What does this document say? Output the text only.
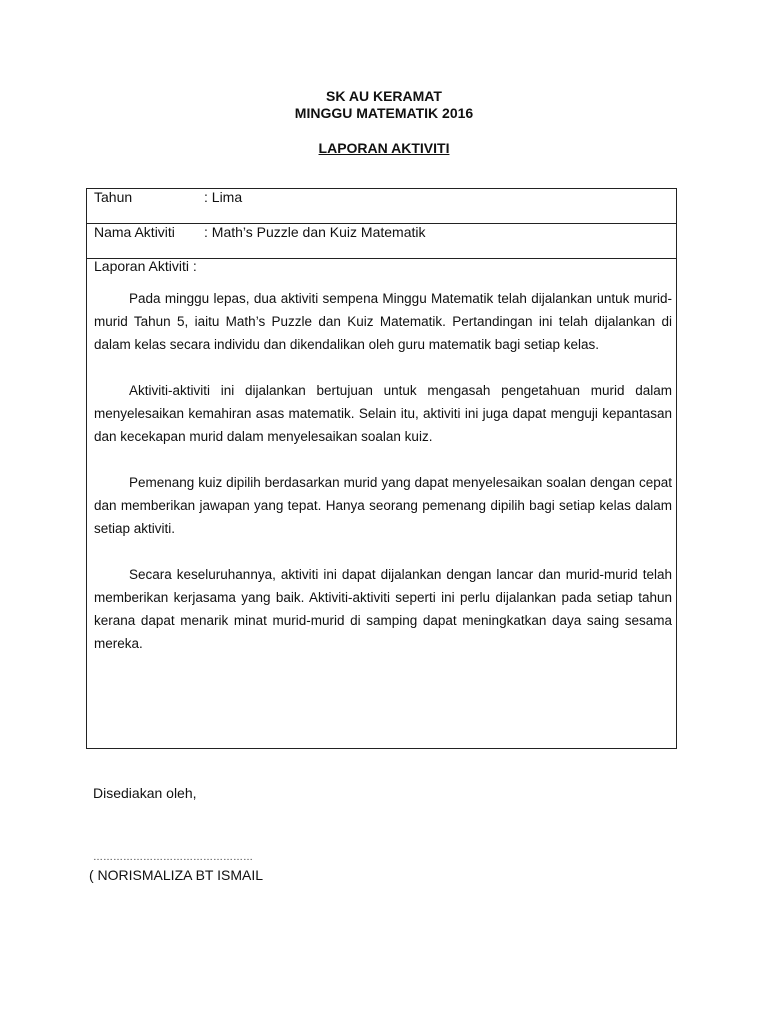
SK AU KERAMAT
MINGGU MATEMATIK 2016
LAPORAN AKTIVITI
Tahun	: Lima
Nama Aktiviti : Math’s Puzzle dan Kuiz Matematik
Laporan Aktiviti :

Pada minggu lepas, dua aktiviti sempena Minggu Matematik telah dijalankan untuk murid-murid Tahun 5, iaitu Math’s Puzzle dan Kuiz Matematik. Pertandingan ini telah dijalankan di dalam kelas secara individu dan dikendalikan oleh guru matematik bagi setiap kelas.

Aktiviti-aktiviti ini dijalankan bertujuan untuk mengasah pengetahuan murid dalam menyelesaikan kemahiran asas matematik. Selain itu, aktiviti ini juga dapat menguji kepantasan dan kecekapan murid dalam menyelesaikan soalan kuiz.

Pemenang kuiz dipilih berdasarkan murid yang dapat menyelesaikan soalan dengan cepat dan memberikan jawapan yang tepat. Hanya seorang pemenang dipilih bagi setiap kelas dalam setiap aktiviti.

Secara keseluruhannya, aktiviti ini dapat dijalankan dengan lancar dan murid-murid telah memberikan kerjasama yang baik. Aktiviti-aktiviti seperti ini perlu dijalankan pada setiap tahun kerana dapat menarik minat murid-murid di samping dapat meningkatkan daya saing sesama mereka.

Disediakan oleh,
…………………………………………
( NORISMALIZA BT ISMAIL
